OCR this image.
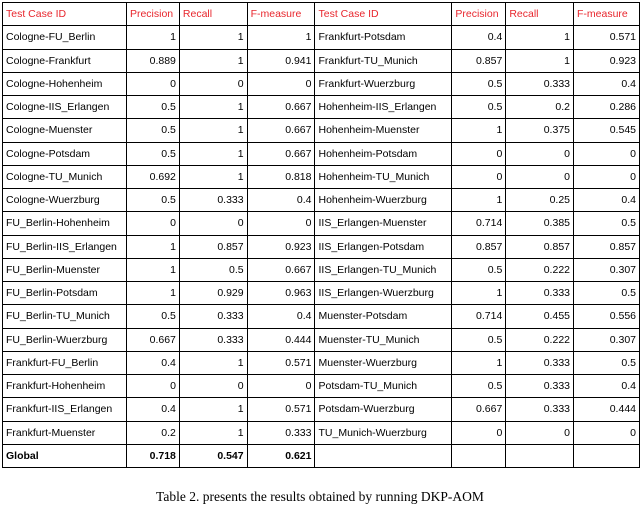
Test Case ID	Precision	Recall	F-measure	Test Case ID	Precision	Recall	F-measure
Cologne-FU_Berlin	1	1	1	Frankfurt-Potsdam	0.4	1	0.571
Cologne-Frankfurt	0.889	1	0.941	Frankfurt-TU_Munich	0.857	1	0.923
Cologne-Hohenheim	0	0	0	Frankfurt-Wuerzburg	0.5	0.333	0.4
Cologne-IIS_Erlangen	0.5	1	0.667	Hohenheim-IIS_Erlangen	0.5	0.2	0.286
Cologne-Muenster	0.5	1	0.667	Hohenheim-Muenster	1	0.375	0.545
Cologne-Potsdam	0.5	1	0.667	Hohenheim-Potsdam	0	0	0
Cologne-TU_Munich	0.692	1	0.818	Hohenheim-TU_Munich	0	0	0
Cologne-Wuerzburg	0.5	0.333	0.4	Hohenheim-Wuerzburg	1	0.25	0.4
FU_Berlin-Hohenheim	0	0	0	IIS_Erlangen-Muenster	0.714	0.385	0.5
FU_Berlin-IIS_Erlangen	1	0.857	0.923	IIS_Erlangen-Potsdam	0.857	0.857	0.857
FU_Berlin-Muenster	1	0.5	0.667	IIS_Erlangen-TU_Munich	0.5	0.222	0.307
FU_Berlin-Potsdam	1	0.929	0.963	IIS_Erlangen-Wuerzburg	1	0.333	0.5
FU_Berlin-TU_Munich	0.5	0.333	0.4	Muenster-Potsdam	0.714	0.455	0.556
FU_Berlin-Wuerzburg	0.667	0.333	0.444	Muenster-TU_Munich	0.5	0.222	0.307
Frankfurt-FU_Berlin	0.4	1	0.571	Muenster-Wuerzburg	1	0.333	0.5
Frankfurt-Hohenheim	0	0	0	Potsdam-TU_Munich	0.5	0.333	0.4
Frankfurt-IIS_Erlangen	0.4	1	0.571	Potsdam-Wuerzburg	0.667	0.333	0.444
Frankfurt-Muenster	0.2	1	0.333	TU_Munich-Wuerzburg	0	0	0
Global	0.718	0.547	0.621				
Table 2. presents the results obtained by running DKP-AOM
